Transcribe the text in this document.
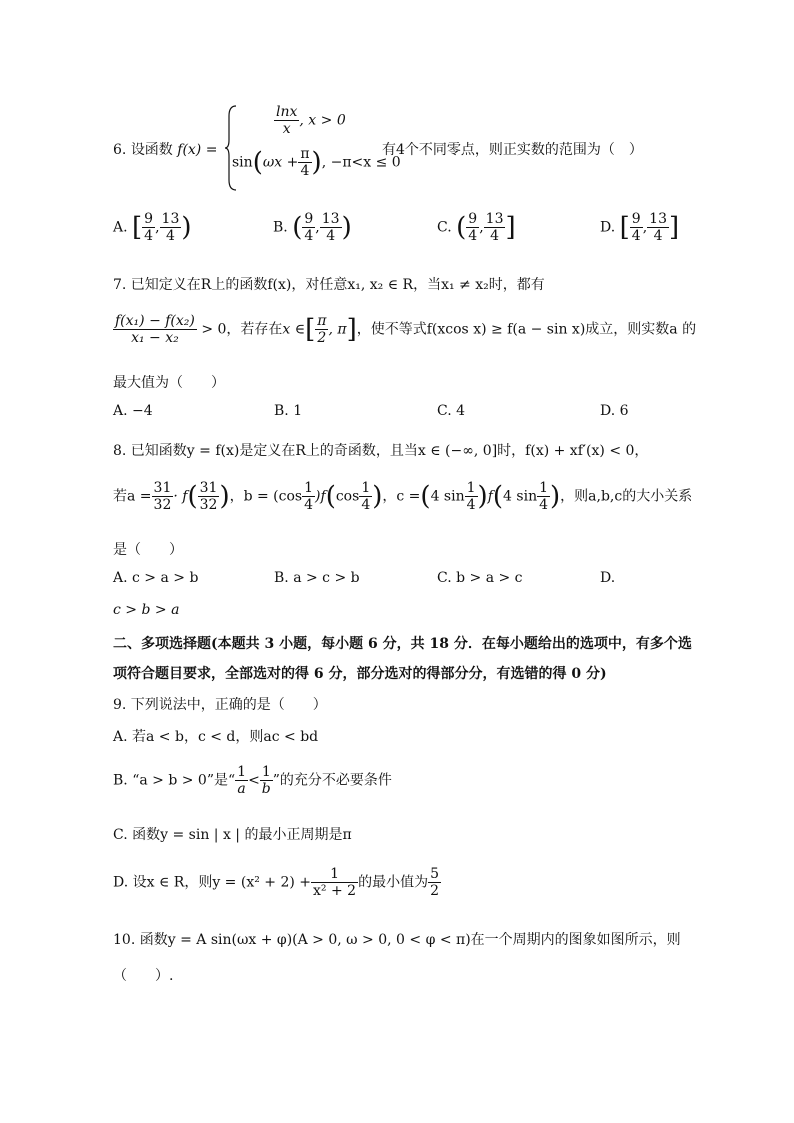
6. 设函数 f(x) =
$\frac{\ln x}{x}$ , x > 0
$\sin(\omega x + \frac{\pi}{4}$ ), −π<x ≤ 0
有4个不同零点，则正实数的范围为（　）
A. [ $\frac{9}{4}$ , $\frac{13}{4}$ )	B. ( $\frac{9}{4}$ , $\frac{13}{4}$ )	C. ( $\frac{9}{4}$ , $\frac{13}{4}$ ]	D. [ $\frac{9}{4}$ , $\frac{13}{4}$ ]
7. 已知定义在R上的函数f(x)，对任意x₁, x₂ ∈ R，当x₁ ≠ x₂时，都有
$\frac{\text{f(x₁) − f(x₂)}}{\text{x₁ − x₂}} > 0$，若存在x ∈[ $\frac{\pi}{2}$ , π]，使不等式f(xcos x) ≥ f(a − sin x)成立，则实数a 的
最大值为（　　）
A. −4	B. 1	C. 4	D. 6
8. 已知函数y = f(x)是定义在R上的奇函数，且当x ∈ (−∞, 0]时，f(x) + xf′(x) < 0，
若$a = \frac{31}{32} \cdot f( \frac{31}{32}$ )，$b = (\cos \frac{1}{4} )f(\cos \frac{1}{4}$ )，c =(4 $\sin \frac{1}{4} )f(4$ $\sin \frac{1}{4}$ )，则a,b,c的大小关系
是（　　）
A. c > a > b	B. a > c > b	C. b > a > c	D.
c > b > a
二、多项选择题(本题共 3 小题，每小题 6 分，共 18 分．在每小题给出的选项中，有多个选
项符合题目要求，全部选对的得 6 分，部分选对的得部分分，有选错的得 0 分)
9. 下列说法中，正确的是（　　）
A. 若a < b，c < d，则ac < bd
B. “a > b > 0”是“ $\frac{1}{a} < \frac{1}{b}$ ”的充分不必要条件
C. 函数y = sin | x | 的最小正周期是π
D. 设x ∈ R，则$y = (x^2 + 2) + \frac{1}{\text{x² + 2}}$ 的最小值为 $\frac{5}{2}$
10. 函数y = A sin(ωx + φ)(A > 0, ω > 0, 0 < φ < π)在一个周期内的图象如图所示，则
（　　）.
